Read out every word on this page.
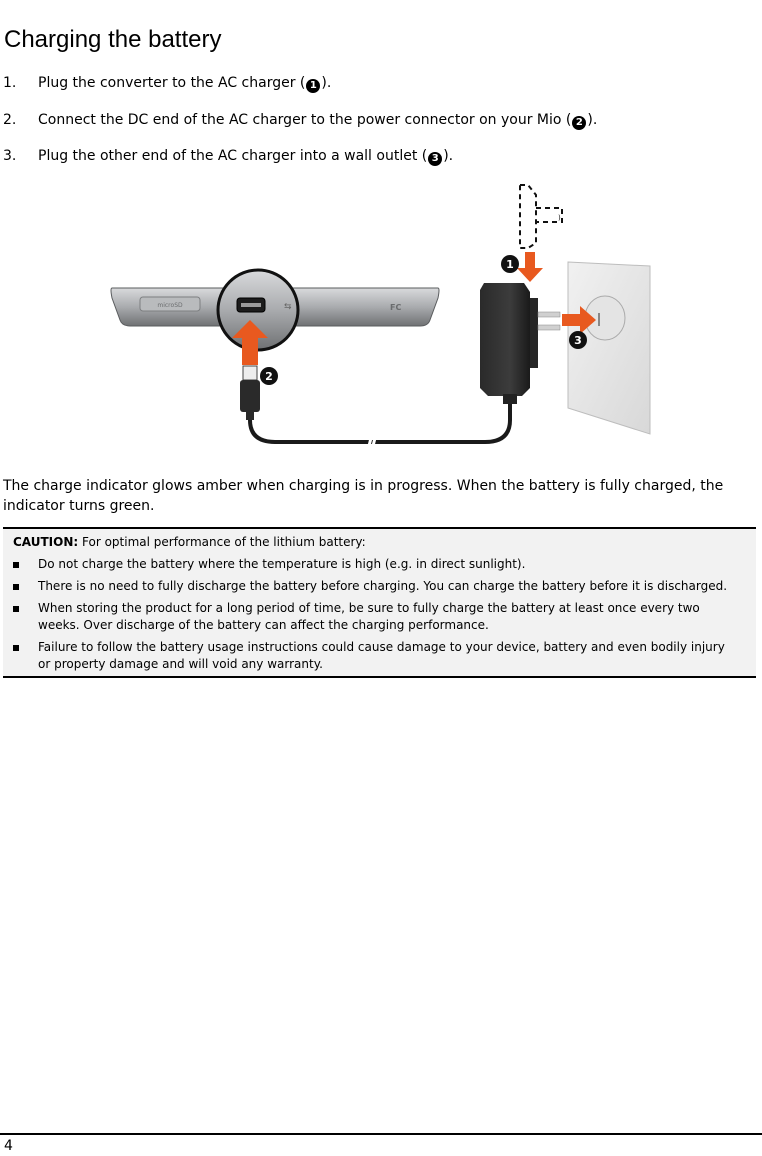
Charging the battery
1.	Plug the converter to the AC charger ( 1 ).
2.	Connect the DC end of the AC charger to the power connector on your Mio ( 2 ).
3.	Plug the other end of the AC charger into a wall outlet ( 3 ).
microSD	FC
⇆
)
1
2
3
The charge indicator glows amber when charging is in progress. When the battery is fully charged, the indicator turns green.
CAUTION: For optimal performance of the lithium battery:
Do not charge the battery where the temperature is high (e.g. in direct sunlight).
There is no need to fully discharge the battery before charging. You can charge the battery before it is discharged.
When storing the product for a long period of time, be sure to fully charge the battery at least once every two weeks. Over discharge of the battery can affect the charging performance.
Failure to follow the battery usage instructions could cause damage to your device, battery and even bodily injury or property damage and will void any warranty.
4
